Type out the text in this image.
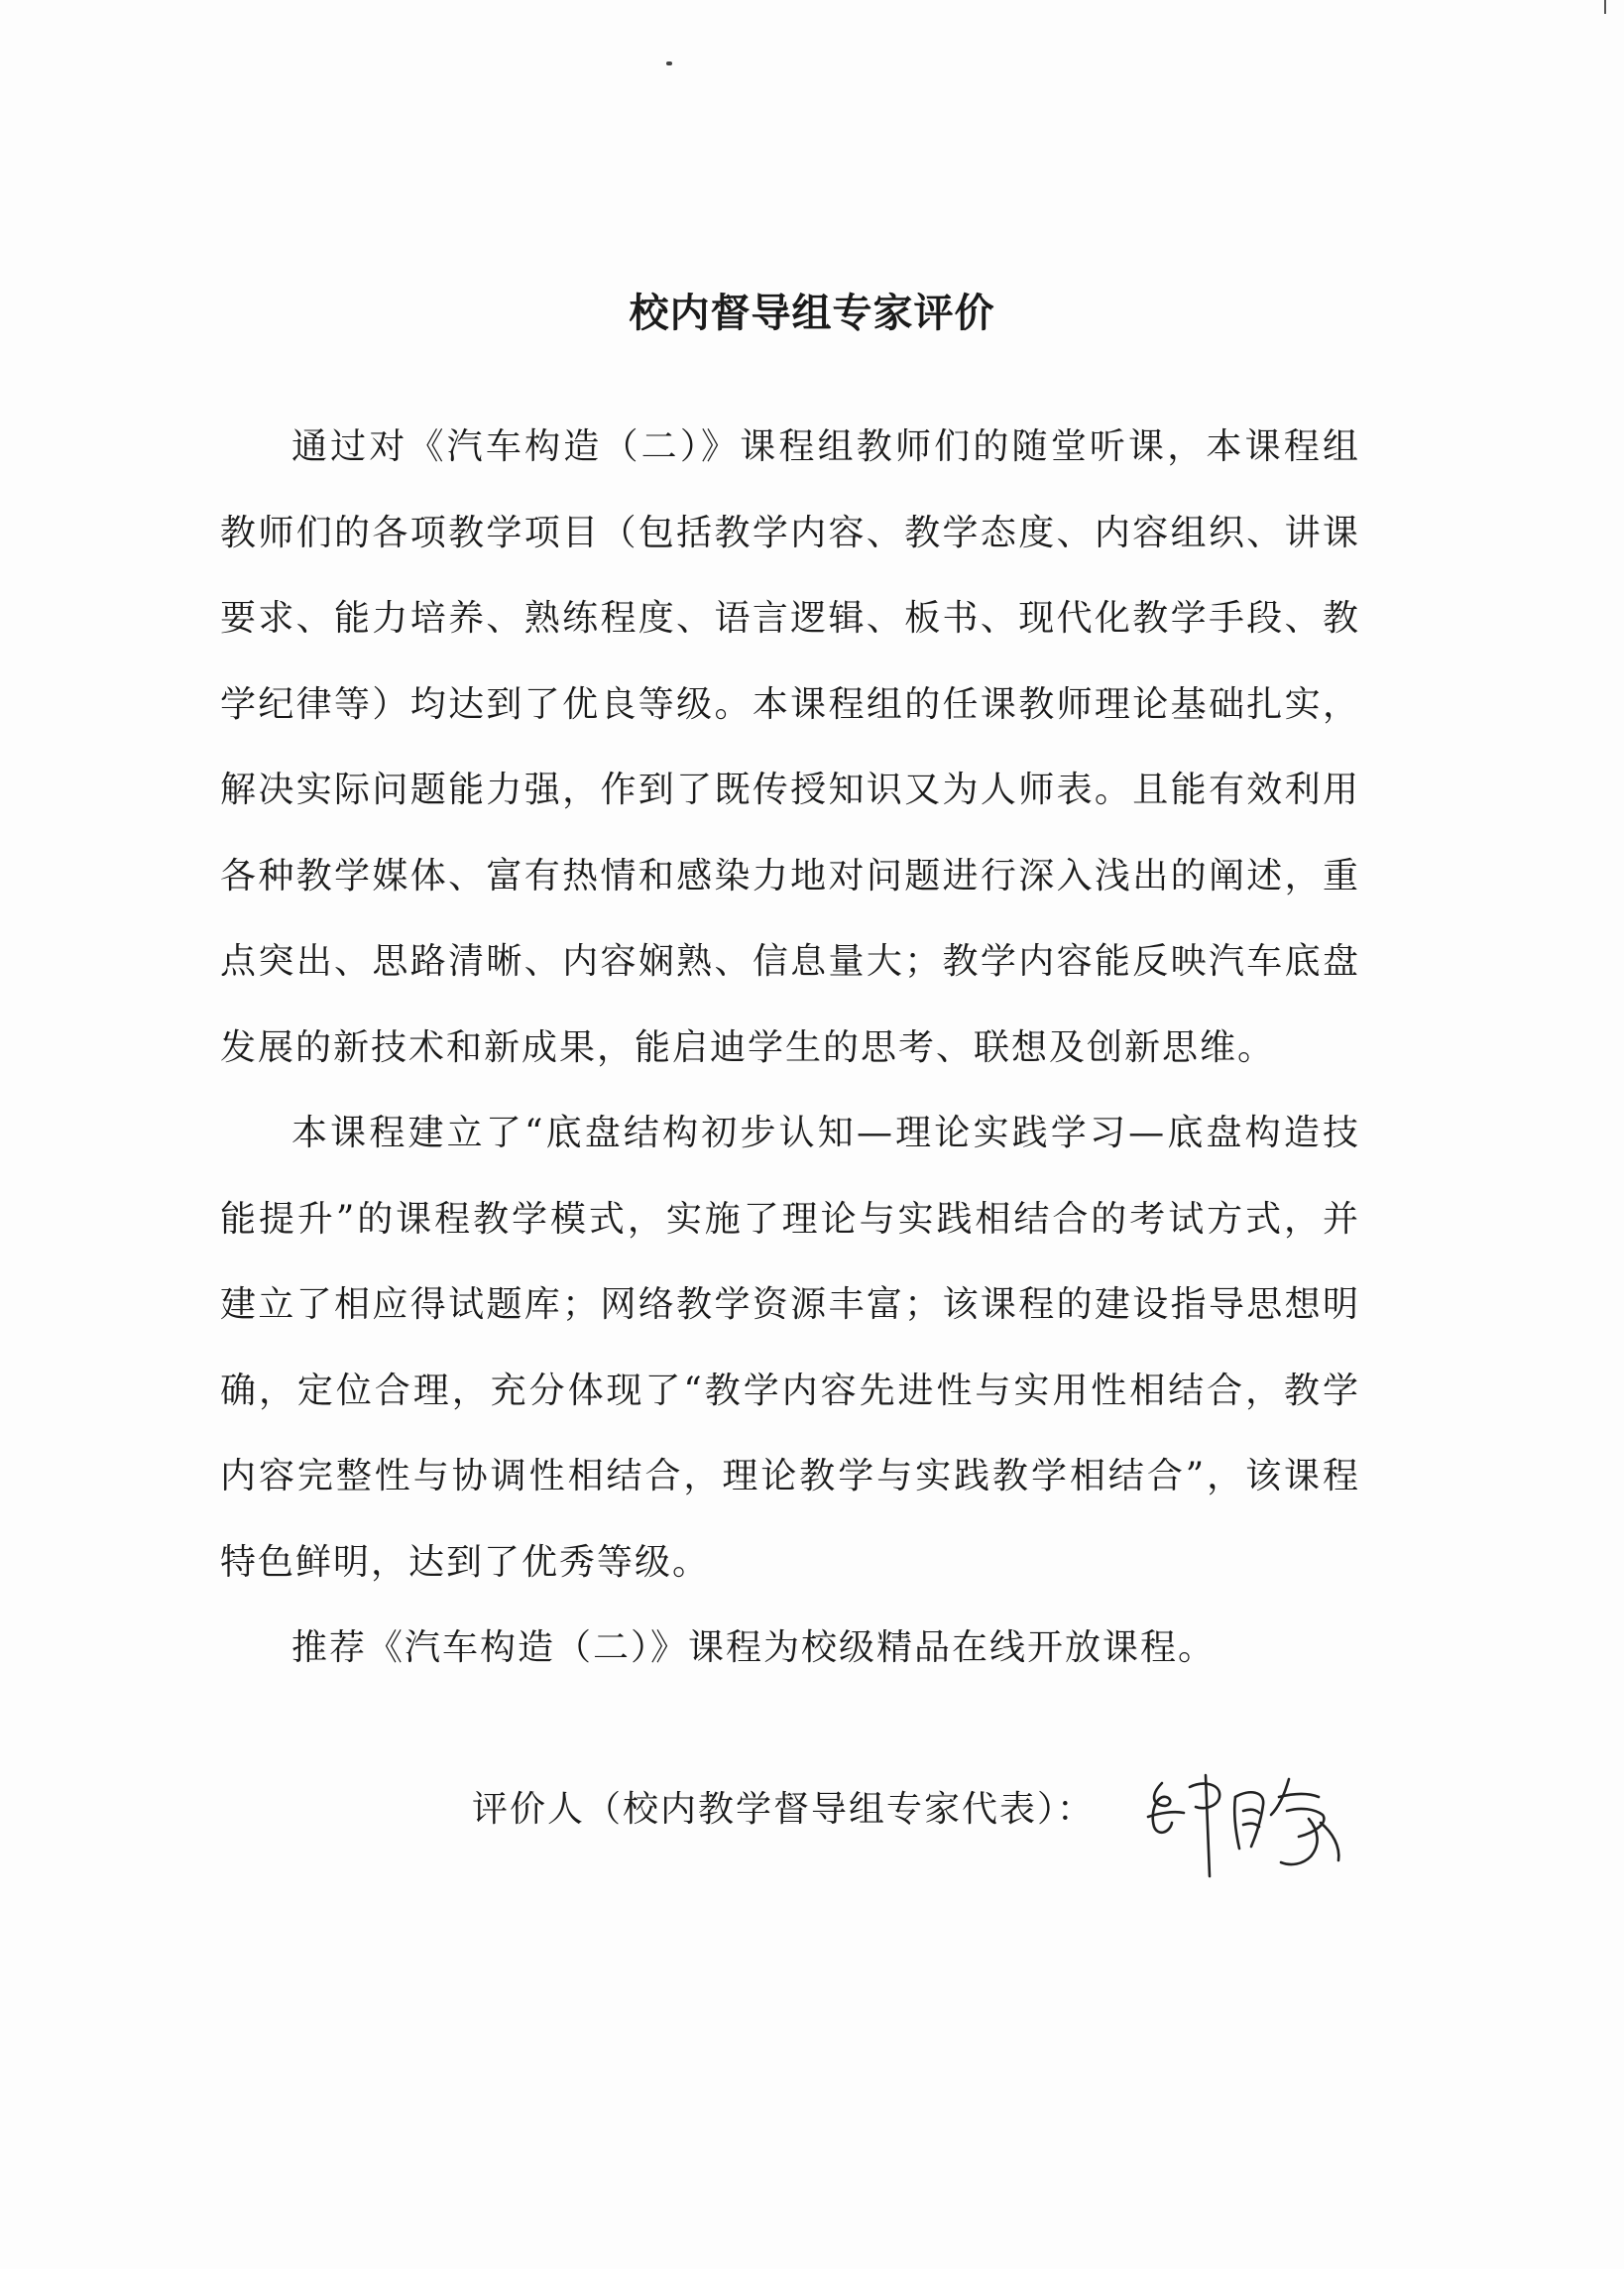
校内督导组专家评价

通过对《汽车构造（二）》课程组教师们的随堂听课，本课程组教师们的各项教学项目（包括教学内容、教学态度、内容组织、讲课要求、能力培养、熟练程度、语言逻辑、板书、现代化教学手段、教学纪律等）均达到了优良等级。本课程组的任课教师理论基础扎实，解决实际问题能力强，作到了既传授知识又为人师表。且能有效利用各种教学媒体、富有热情和感染力地对问题进行深入浅出的阐述，重点突出、思路清晰、内容娴熟、信息量大；教学内容能反映汽车底盘发展的新技术和新成果，能启迪学生的思考、联想及创新思维。

本课程建立了“底盘结构初步认知—理论实践学习—底盘构造技能提升”的课程教学模式，实施了理论与实践相结合的考试方式，并建立了相应得试题库；网络教学资源丰富；该课程的建设指导思想明确，定位合理，充分体现了“教学内容先进性与实用性相结合，教学内容完整性与协调性相结合，理论教学与实践教学相结合”，该课程特色鲜明，达到了优秀等级。

推荐《汽车构造（二）》课程为校级精品在线开放课程。

评价人（校内教学督导组专家代表）：
